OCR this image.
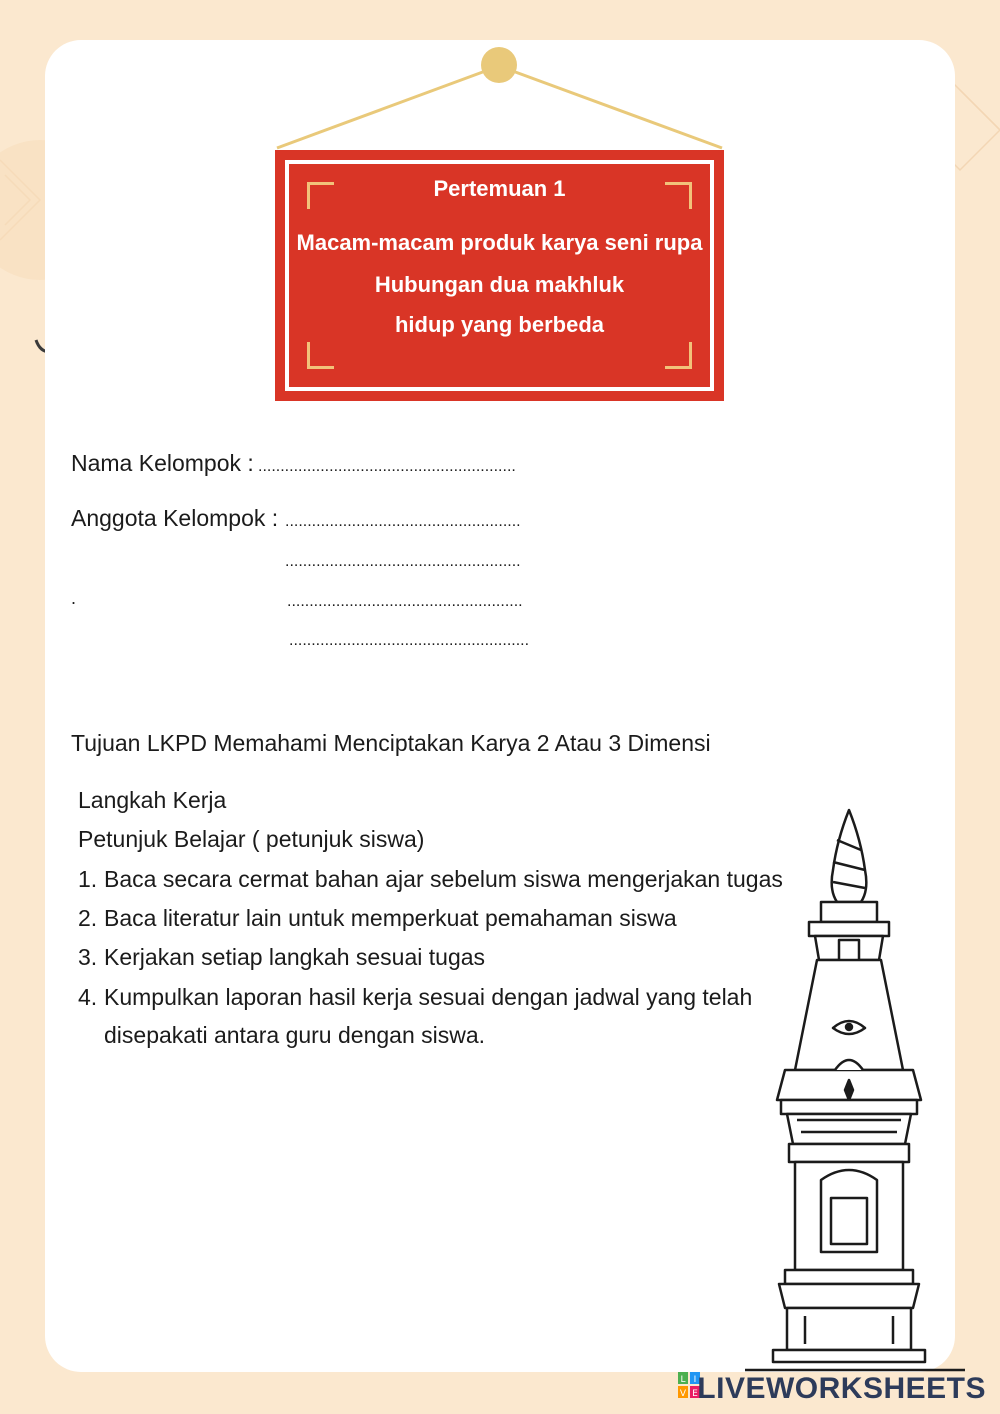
Pertemuan 1
Macam-macam produk karya seni rupa
Hubungan dua makhluk
hidup yang berbeda
Nama Kelompok : ..........................................................
Anggota Kelompok : .....................................................
.....................................................
.	.....................................................
......................................................
Tujuan LKPD Memahami Menciptakan Karya 2 Atau 3 Dimensi
Langkah Kerja
Petunjuk Belajar ( petunjuk siswa)
1. Baca secara cermat bahan ajar sebelum siswa mengerjakan tugas
2. Baca literatur lain untuk memperkuat pemahaman siswa
3. Kerjakan setiap langkah sesuai tugas
4. Kumpulkan laporan hasil kerja sesuai dengan jadwal yang telah
disepakati antara guru dengan siswa.
L I
V E LIVEWORKSHEETS
